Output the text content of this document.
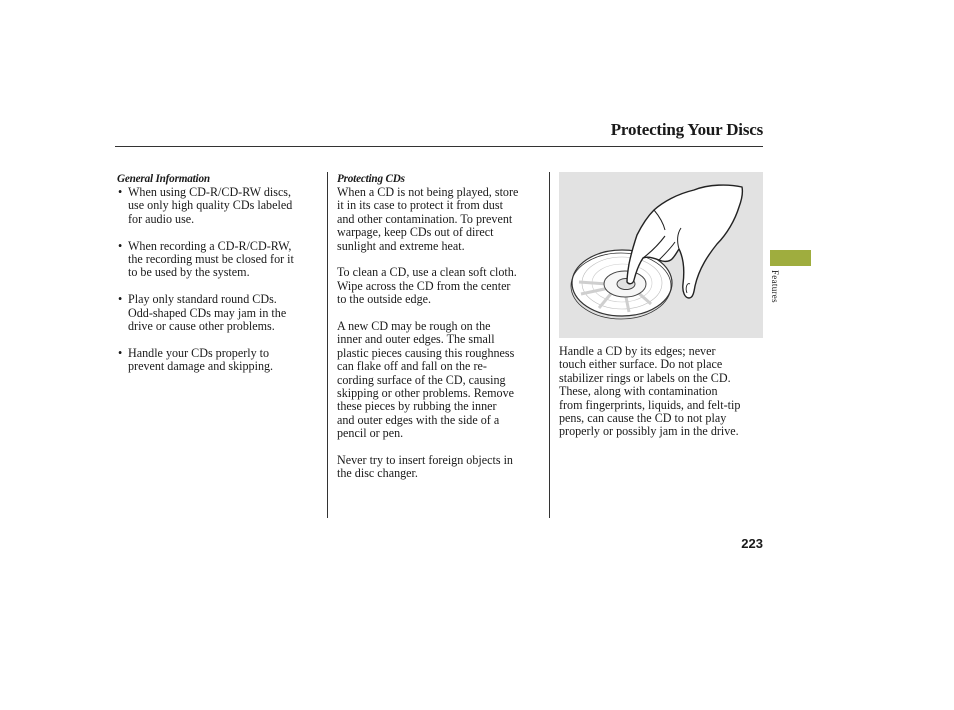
Protecting Your Discs
General Information
• When using CD-R/CD-RW discs,
use only high quality CDs labeled
for audio use.
• When recording a CD-R/CD-RW,
the recording must be closed for it
to be used by the system.
• Play only standard round CDs.
Odd-shaped CDs may jam in the
drive or cause other problems.
• Handle your CDs properly to
prevent damage and skipping.
Protecting CDs
When a CD is not being played, store
it in its case to protect it from dust
and other contamination. To prevent
warpage, keep CDs out of direct
sunlight and extreme heat.
To clean a CD, use a clean soft cloth.
Wipe across the CD from the center
to the outside edge.
A new CD may be rough on the
inner and outer edges. The small
plastic pieces causing this roughness
can flake off and fall on the re-
cording surface of the CD, causing
skipping or other problems. Remove
these pieces by rubbing the inner
and outer edges with the side of a
pencil or pen.
Never try to insert foreign objects in
the disc changer.
Handle a CD by its edges; never
touch either surface. Do not place
stabilizer rings or labels on the CD.
These, along with contamination
from fingerprints, liquids, and felt-tip
pens, can cause the CD to not play
properly or possibly jam in the drive.
Features
223
